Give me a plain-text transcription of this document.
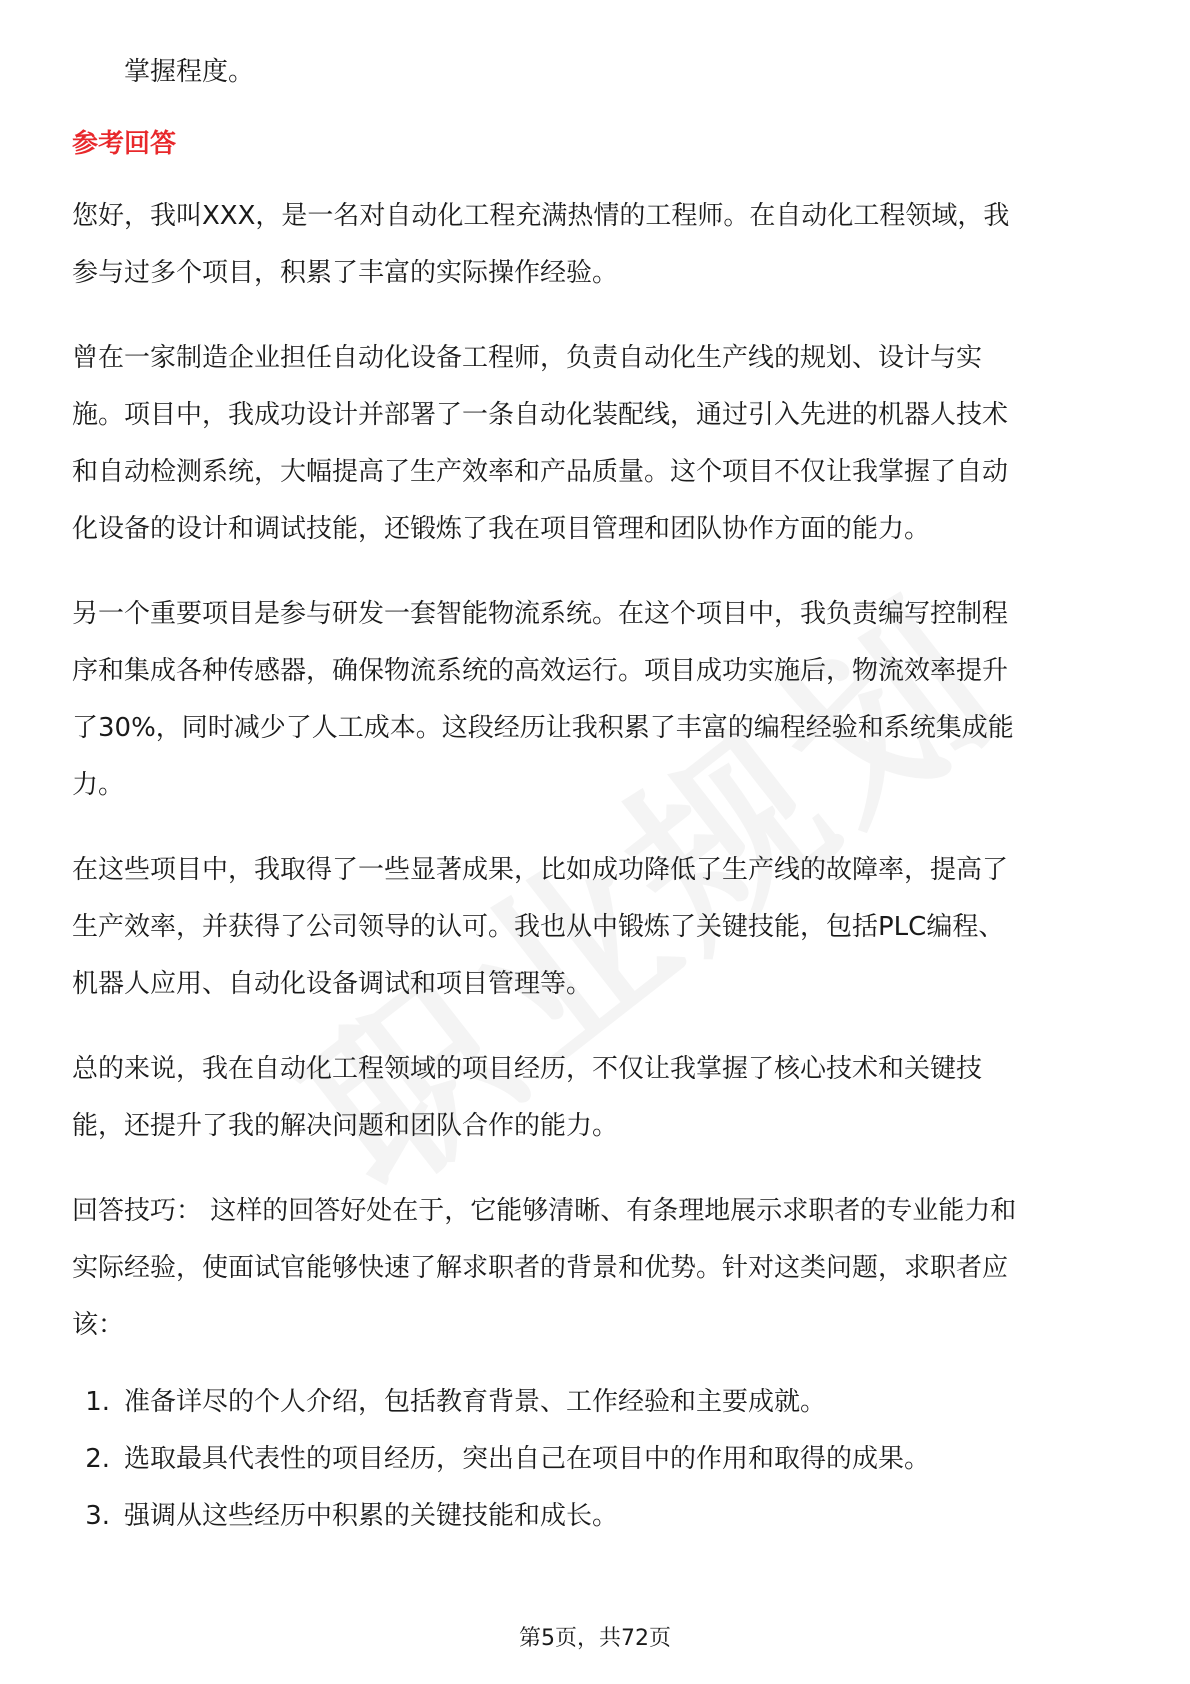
掌握程度。

参考回答

您好，我叫XXX，是一名对自动化工程充满热情的工程师。在自动化工程领域，我

参与过多个项目，积累了丰富的实际操作经验。

曾在一家制造企业担任自动化设备工程师，负责自动化生产线的规划、设计与实

施。项目中，我成功设计并部署了一条自动化装配线，通过引入先进的机器人技术

和自动检测系统，大幅提高了生产效率和产品质量。这个项目不仅让我掌握了自动

化设备的设计和调试技能，还锻炼了我在项目管理和团队协作方面的能力。

另一个重要项目是参与研发一套智能物流系统。在这个项目中，我负责编写控制程

序和集成各种传感器，确保物流系统的高效运行。项目成功实施后，物流效率提升

了30%，同时减少了人工成本。这段经历让我积累了丰富的编程经验和系统集成能

力。

在这些项目中，我取得了一些显著成果，比如成功降低了生产线的故障率，提高了

生产效率，并获得了公司领导的认可。我也从中锻炼了关键技能，包括PLC编程、

机器人应用、自动化设备调试和项目管理等。

总的来说，我在自动化工程领域的项目经历，不仅让我掌握了核心技术和关键技

能，还提升了我的解决问题和团队合作的能力。

回答技巧： 这样的回答好处在于，它能够清晰、有条理地展示求职者的专业能力和

实际经验，使面试官能够快速了解求职者的背景和优势。针对这类问题，求职者应

该：

1. 准备详尽的个人介绍，包括教育背景、工作经验和主要成就。
2. 选取最具代表性的项目经历，突出自己在项目中的作用和取得的成果。
3. 强调从这些经历中积累的关键技能和成长。
第5页，共72页
